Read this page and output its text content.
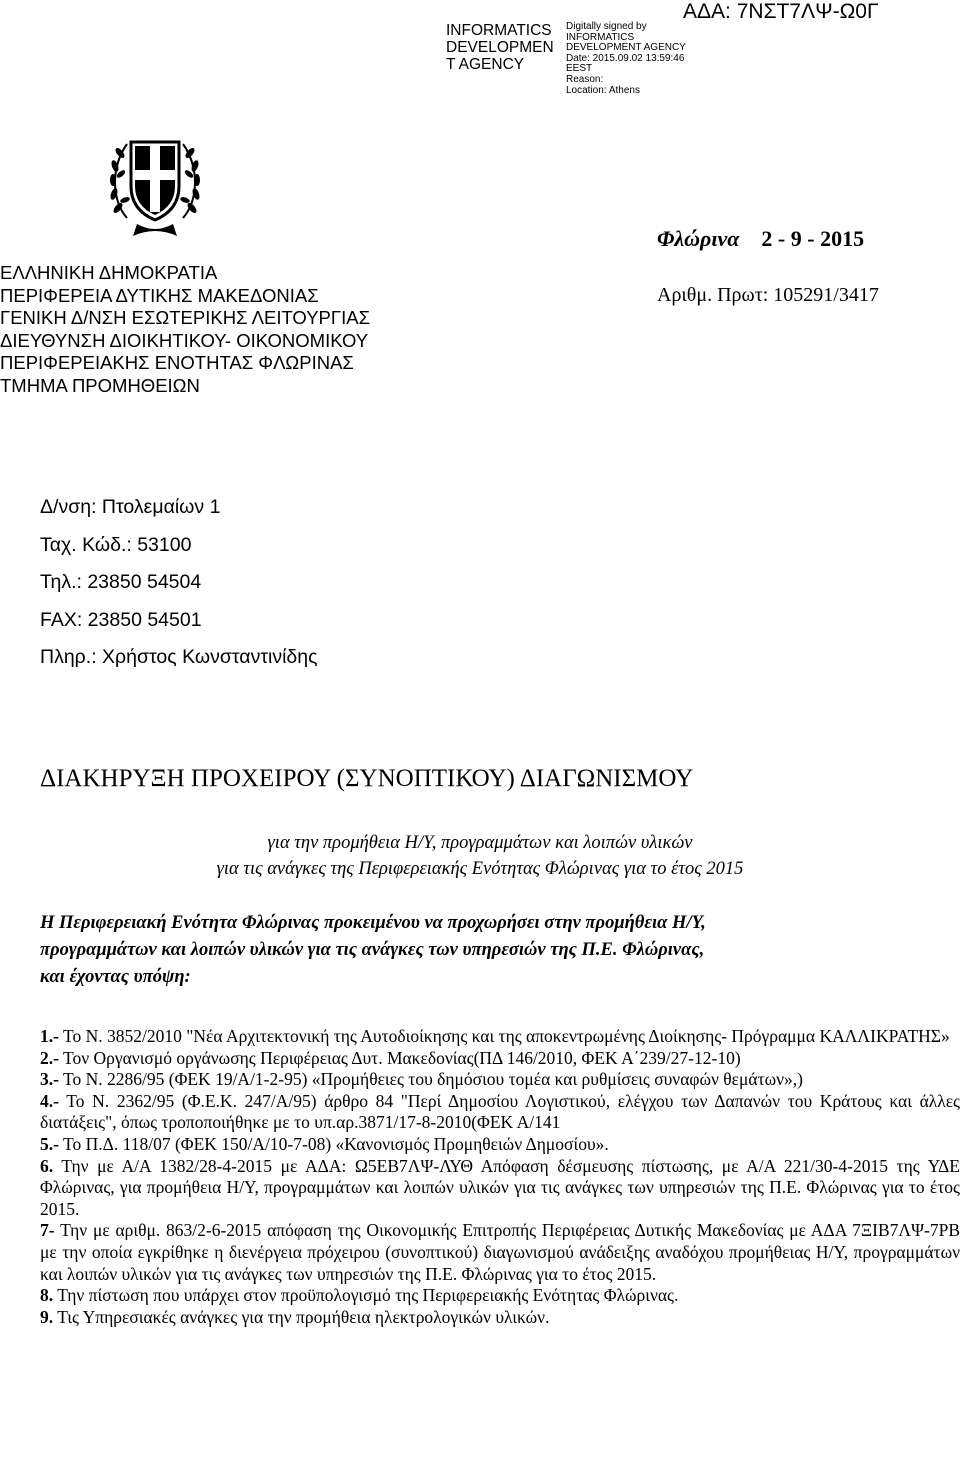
INFORMATICS
DEVELOPMEN
T AGENCY
Digitally signed by
INFORMATICS
DEVELOPMENT AGENCY
Date: 2015.09.02 13:59:46
EEST
Reason:
Location: Athens
ΑΔΑ: 7ΝΣΤ7ΛΨ-Ω0Γ
ΕΛΛΗΝΙΚΗ ΔΗΜΟΚΡΑΤΙΑ
ΠΕΡΙΦΕΡΕΙΑ ΔΥΤΙΚΗΣ ΜΑΚΕΔΟΝΙΑΣ
ΓΕΝΙΚΗ Δ/ΝΣΗ ΕΣΩΤΕΡΙΚΗΣ ΛΕΙΤΟΥΡΓΙΑΣ
ΔΙΕΥΘΥΝΣΗ ΔΙΟΙΚΗΤΙΚΟΥ- ΟΙΚΟΝΟΜΙΚΟΥ
ΠΕΡΙΦΕΡΕΙΑΚΗΣ ΕΝΟΤΗΤΑΣ ΦΛΩΡΙΝΑΣ
ΤΜΗΜΑ ΠΡΟΜΗΘΕΙΩΝ
Φλώρινα 2 - 9 - 2015
Αριθμ. Πρωτ: 105291/3417
Δ/νση: Πτολεμαίων 1
Ταχ. Κώδ.: 53100
Τηλ.: 23850 54504
FAX: 23850 54501
Πληρ.: Χρήστος Κωνσταντινίδης
ΔΙΑΚΗΡΥΞΗ ΠΡΟΧΕΙΡΟΥ (ΣΥΝΟΠΤΙΚΟΥ) ΔΙΑΓΩΝΙΣΜΟΥ
για την προμήθεια Η/Υ, προγραμμάτων και λοιπών υλικών
για τις ανάγκες της Περιφερειακής Ενότητας Φλώρινας για το έτος 2015
Η Περιφερειακή Ενότητα Φλώρινας προκειμένου να προχωρήσει στην προμήθεια Η/Υ,
προγραμμάτων και λοιπών υλικών για τις ανάγκες των υπηρεσιών της Π.Ε. Φλώρινας,
και έχοντας υπόψη:
1.- Το Ν. 3852/2010 "Νέα Αρχιτεκτονική της Αυτοδιοίκησης και της αποκεντρωμένης Διοίκησης- Πρόγραμμα ΚΑΛΛΙΚΡΑΤΗΣ»
2.- Τον Οργανισμό οργάνωσης Περιφέρειας Δυτ. Μακεδονίας(ΠΔ 146/2010, ΦΕΚ Α΄239/27-12-10)
3.- Το Ν. 2286/95 (ΦΕΚ 19/Α/1-2-95) «Προμήθειες του δημόσιου τομέα και ρυθμίσεις συναφών θεμάτων»,)
4.- Το Ν. 2362/95 (Φ.Ε.Κ. 247/Α/95) άρθρο 84 "Περί Δημοσίου Λογιστικού, ελέγχου των Δαπανών του Κράτους και άλλες διατάξεις", όπως τροποποιήθηκε με το υπ.αρ.3871/17-8-2010(ΦΕΚ Α/141
5.- Το Π.Δ. 118/07 (ΦΕΚ 150/Α/10-7-08) «Κανονισμός Προμηθειών Δημοσίου».
6. Την με Α/Α 1382/28-4-2015 με ΑΔΑ: Ω5ΕΒ7ΛΨ-ΛΥΘ Απόφαση δέσμευσης πίστωσης, με Α/Α 221/30-4-2015 της ΥΔΕ Φλώρινας, για προμήθεια Η/Υ, προγραμμάτων και λοιπών υλικών για τις ανάγκες των υπηρεσιών της Π.Ε. Φλώρινας για το έτος 2015.
7- Την με αριθμ. 863/2-6-2015 απόφαση της Οικονομικής Επιτροπής Περιφέρειας Δυτικής Μακεδονίας με ΑΔΑ 7ΞΙΒ7ΛΨ-7ΡΒ με την οποία εγκρίθηκε η διενέργεια πρόχειρου (συνοπτικού) διαγωνισμού ανάδειξης αναδόχου προμήθειας Η/Υ, προγραμμάτων και λοιπών υλικών για τις ανάγκες των υπηρεσιών της Π.Ε. Φλώρινας για το έτος 2015.
8. Την πίστωση που υπάρχει στον προϋπολογισμό της Περιφερειακής Ενότητας Φλώρινας.
9. Τις Υπηρεσιακές ανάγκες για την προμήθεια ηλεκτρολογικών υλικών.
